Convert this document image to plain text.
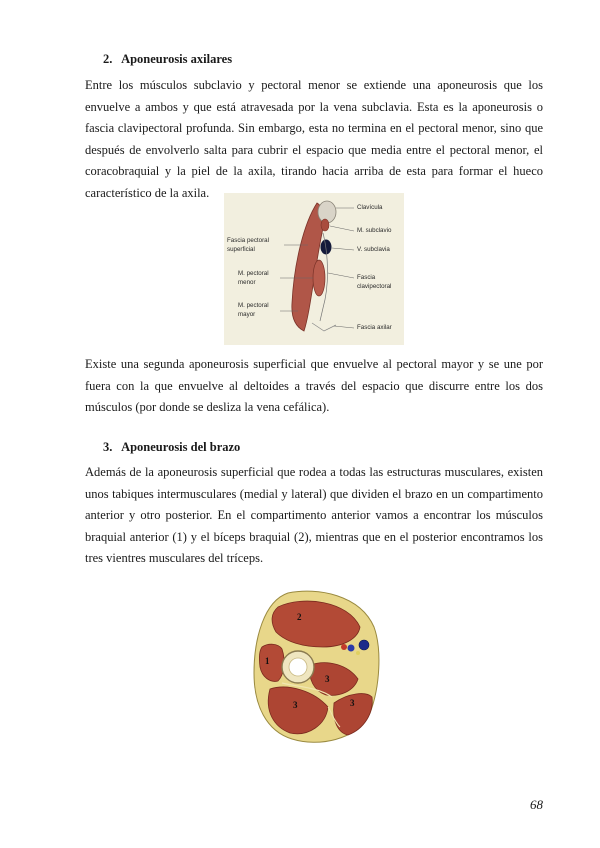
2. Aponeurosis axilares

Entre los músculos subclavio y pectoral menor se extiende una aponeurosis que los envuelve a ambos y que está atravesada por la vena subclavia. Esta es la aponeurosis o fascia clavipectoral profunda. Sin embargo, esta no termina en el pectoral menor, sino que después de envolverlo salta para cubrir el espacio que media entre el pectoral menor, el coracobraquial y la piel de la axila, tirando hacia arriba de esta para formar el hueco característico de la axila.

Clavícula
M. subclavio
V. subclavia
Fascia pectoral
superficial
M. pectoral
menor
Fascia
clavipectoral
M. pectoral
mayor
Fascia axilar

Existe una segunda aponeurosis superficial que envuelve al pectoral mayor y se une por fuera con la que envuelve al deltoides a través del espacio que discurre entre los dos músculos (por donde se desliza la vena cefálica).

3. Aponeurosis del brazo

Además de la aponeurosis superficial que rodea a todas las estructuras musculares, existen unos tabiques intermusculares (medial y lateral) que dividen el brazo en un compartimento anterior y otro posterior. En el compartimento anterior vamos a encontrar los músculos braquial anterior (1) y el bíceps braquial (2), mientras que en el posterior encontramos los tres vientres musculares del tríceps.

1
2
3
3	3
68
